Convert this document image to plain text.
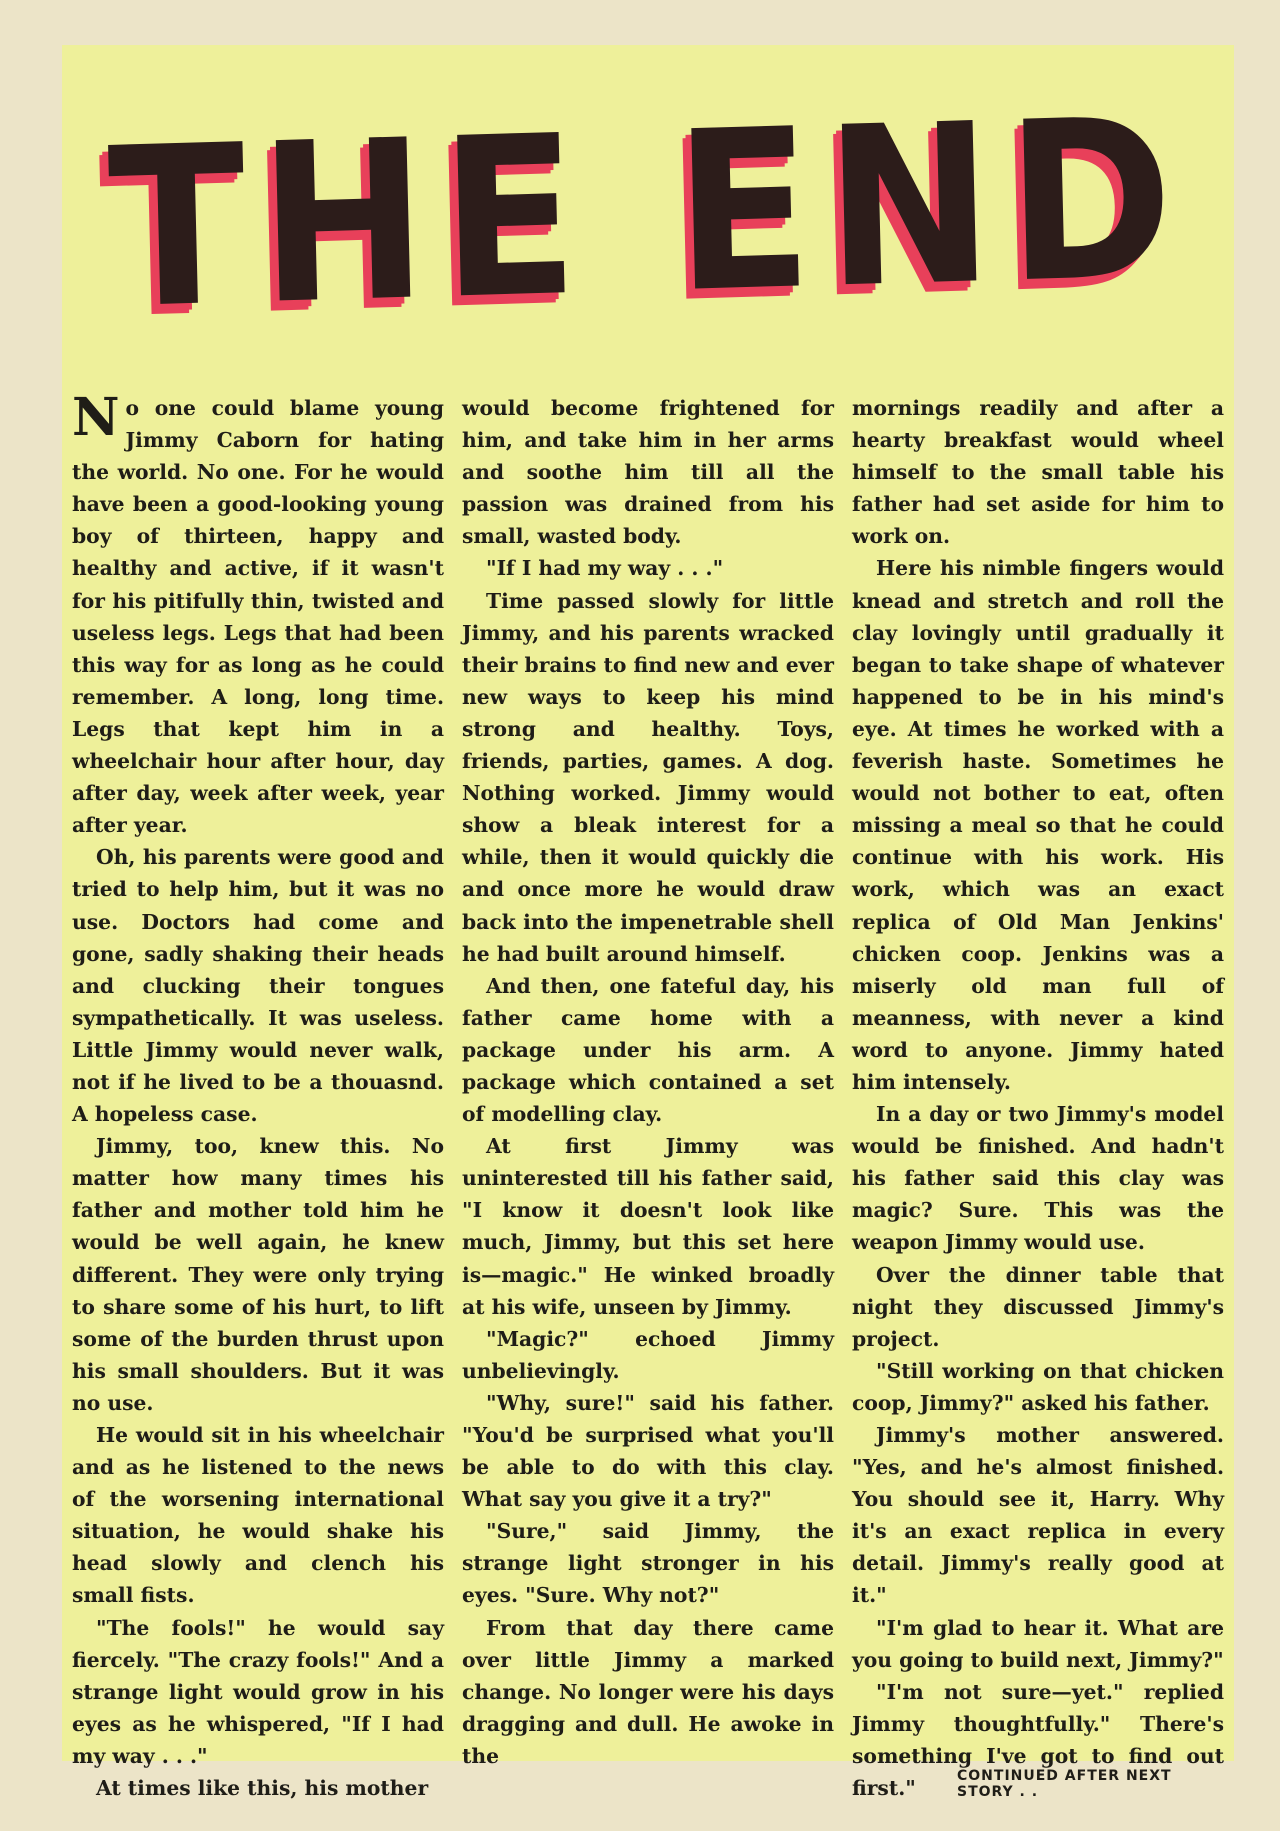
THE END

No one could blame young Jimmy Caborn for hating the world. No one. For he would have been a good-looking young boy of thirteen, happy and healthy and active, if it wasn't for his pitifully thin, twisted and useless legs. Legs that had been this way for as long as he could remember. A long, long time. Legs that kept him in a wheelchair hour after hour, day after day, week after week, year after year.

Oh, his parents were good and tried to help him, but it was no use. Doctors had come and gone, sadly shaking their heads and clucking their tongues sympathetically. It was useless. Little Jimmy would never walk, not if he lived to be a thouasnd. A hopeless case.

Jimmy, too, knew this. No matter how many times his father and mother told him he would be well again, he knew different. They were only trying to share some of his hurt, to lift some of the burden thrust upon his small shoulders. But it was no use.

He would sit in his wheelchair and as he listened to the news of the worsening international situation, he would shake his head slowly and clench his small fists.

"The fools!" he would say fiercely. "The crazy fools!" And a strange light would grow in his eyes as he whispered, "If I had my way . . ."

At times like this, his mother

would become frightened for him, and take him in her arms and soothe him till all the passion was drained from his small, wasted body.

"If I had my way . . ."

Time passed slowly for little Jimmy, and his parents wracked their brains to find new and ever new ways to keep his mind strong and healthy. Toys, friends, parties, games. A dog. Nothing worked. Jimmy would show a bleak interest for a while, then it would quickly die and once more he would draw back into the impenetrable shell he had built around himself.

And then, one fateful day, his father came home with a package under his arm. A package which contained a set of modelling clay.

At first Jimmy was uninterested till his father said, "I know it doesn't look like much, Jimmy, but this set here is—magic." He winked broadly at his wife, unseen by Jimmy.

"Magic?" echoed Jimmy unbelievingly.

"Why, sure!" said his father. "You'd be surprised what you'll be able to do with this clay. What say you give it a try?"

"Sure," said Jimmy, the strange light stronger in his eyes. "Sure. Why not?"

From that day there came over little Jimmy a marked change. No longer were his days dragging and dull. He awoke in the

mornings readily and after a hearty breakfast would wheel himself to the small table his father had set aside for him to work on.

Here his nimble fingers would knead and stretch and roll the clay lovingly until gradually it began to take shape of whatever happened to be in his mind's eye. At times he worked with a feverish haste. Sometimes he would not bother to eat, often missing a meal so that he could continue with his work. His work, which was an exact replica of Old Man Jenkins' chicken coop. Jenkins was a miserly old man full of meanness, with never a kind word to anyone. Jimmy hated him intensely.

In a day or two Jimmy's model would be finished. And hadn't his father said this clay was magic? Sure. This was the weapon Jimmy would use.

Over the dinner table that night they discussed Jimmy's project.

"Still working on that chicken coop, Jimmy?" asked his father.

Jimmy's mother answered. "Yes, and he's almost finished. You should see it, Harry. Why it's an exact replica in every detail. Jimmy's really good at it."

"I'm glad to hear it. What are you going to build next, Jimmy?"

"I'm not sure—yet." replied Jimmy thoughtfully." There's something I've got to find out first."

CONTINUED AFTER NEXT STORY . .
